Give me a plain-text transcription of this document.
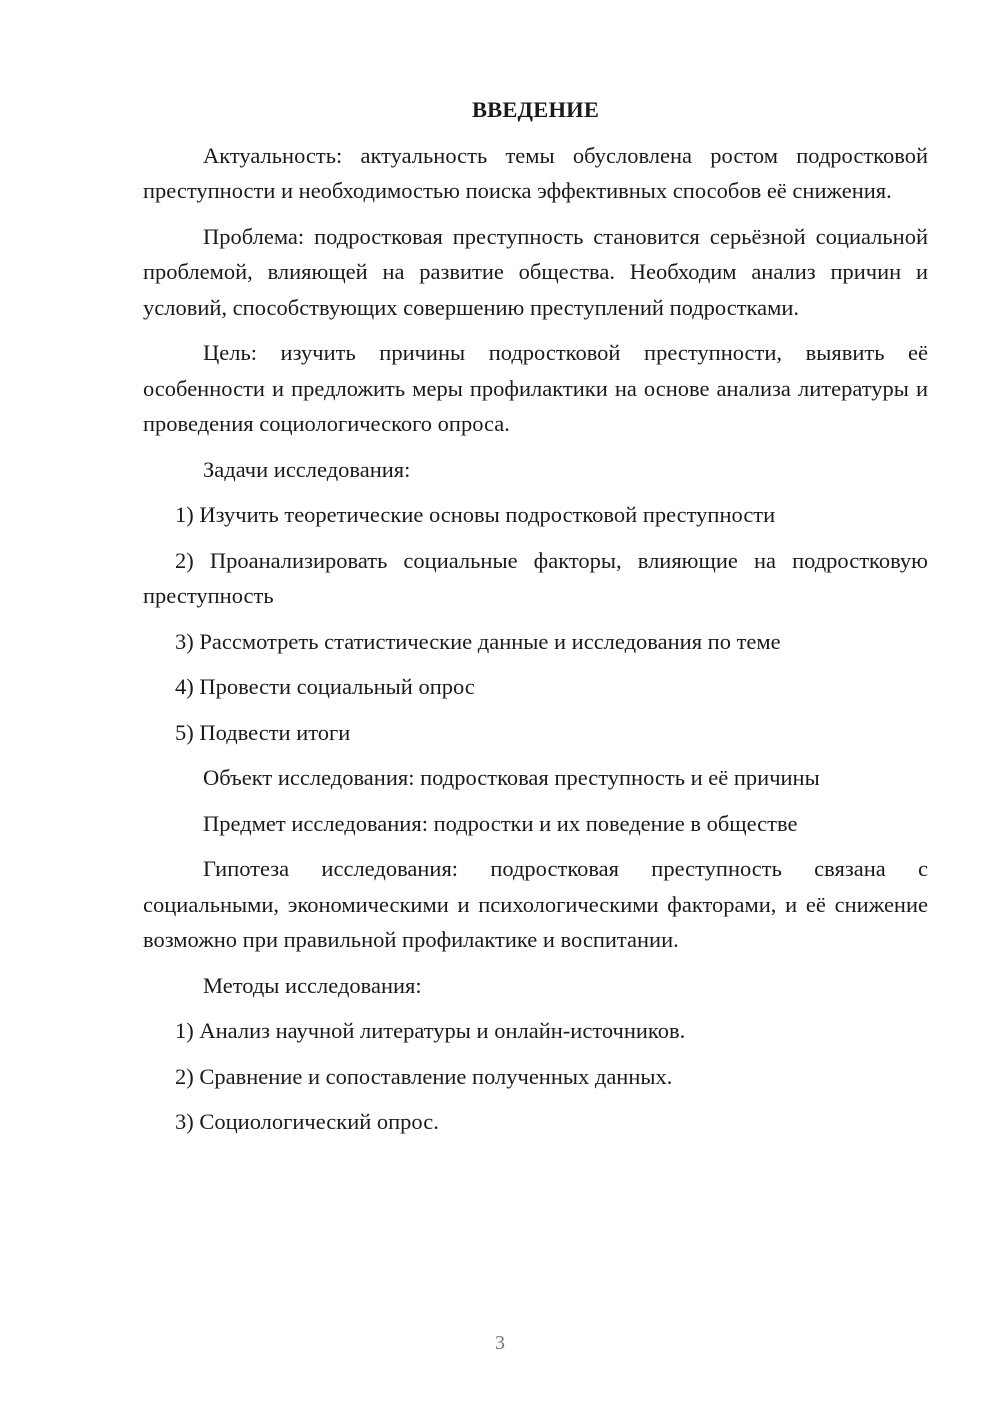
ВВЕДЕНИЕ
Актуальность: актуальность темы обусловлена ростом подростковой преступности и необходимостью поиска эффективных способов её снижения.
Проблема: подростковая преступность становится серьёзной социальной проблемой, влияющей на развитие общества. Необходим анализ причин и условий, способствующих совершению преступлений подростками.
Цель: изучить причины подростковой преступности, выявить её особенности и предложить меры профилактики на основе анализа литературы и проведения социологического опроса.
Задачи исследования:
1) Изучить теоретические основы подростковой преступности
2) Проанализировать социальные факторы, влияющие на подростковую преступность
3) Рассмотреть статистические данные и исследования по теме
4) Провести социальный опрос
5) Подвести итоги
Объект исследования: подростковая преступность и её причины
Предмет исследования: подростки и их поведение в обществе
Гипотеза исследования: подростковая преступность связана с социальными, экономическими и психологическими факторами, и её снижение возможно при правильной профилактике и воспитании.
Методы исследования:
1) Анализ научной литературы и онлайн-источников.
2) Сравнение и сопоставление полученных данных.
3) Социологический опрос.
3
